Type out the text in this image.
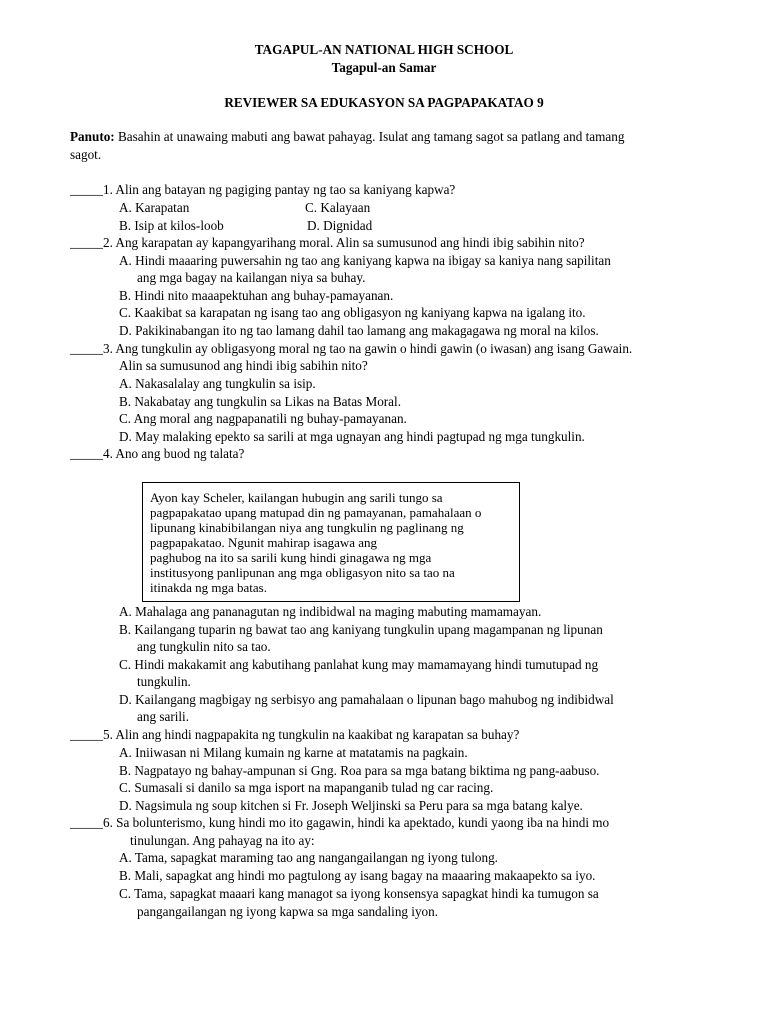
TAGAPUL-AN NATIONAL HIGH SCHOOL
Tagapul-an Samar
REVIEWER SA EDUKASYON SA PAGPAPAKATAO 9
Panuto: Basahin at unawaing mabuti ang bawat pahayag. Isulat ang tamang sagot sa patlang and tamang
sagot.
_____1. Alin ang batayan ng pagiging pantay ng tao sa kaniyang kapwa?
A. Karapatan	C. Kalayaan
B. Isip at kilos-loob	D. Dignidad
_____2. Ang karapatan ay kapangyarihang moral. Alin sa sumusunod ang hindi ibig sabihin nito?
A. Hindi maaaring puwersahin ng tao ang kaniyang kapwa na ibigay sa kaniya nang sapilitan
ang mga bagay na kailangan niya sa buhay.
B. Hindi nito maaapektuhan ang buhay-pamayanan.
C. Kaakibat sa karapatan ng isang tao ang obligasyon ng kaniyang kapwa na igalang ito.
D. Pakikinabangan ito ng tao lamang dahil tao lamang ang makagagawa ng moral na kilos.
_____3. Ang tungkulin ay obligasyong moral ng tao na gawin o hindi gawin (o iwasan) ang isang Gawain.
Alin sa sumusunod ang hindi ibig sabihin nito?
A. Nakasalalay ang tungkulin sa isip.
B. Nakabatay ang tungkulin sa Likas na Batas Moral.
C. Ang moral ang nagpapanatili ng buhay-pamayanan.
D. May malaking epekto sa sarili at mga ugnayan ang hindi pagtupad ng mga tungkulin.
_____4. Ano ang buod ng talata?
Ayon kay Scheler, kailangan hubugin ang sarili tungo sa
pagpapakatao upang matupad din ng pamayanan, pamahalaan o
lipunang kinabibilangan niya ang tungkulin ng paglinang ng
pagpapakatao. Ngunit mahirap isagawa ang
paghubog na ito sa sarili kung hindi ginagawa ng mga
institusyong panlipunan ang mga obligasyon nito sa tao na
itinakda ng mga batas.
A. Mahalaga ang pananagutan ng indibidwal na maging mabuting mamamayan.
B. Kailangang tuparin ng bawat tao ang kaniyang tungkulin upang magampanan ng lipunan
ang tungkulin nito sa tao.
C. Hindi makakamit ang kabutihang panlahat kung may mamamayang hindi tumutupad ng
tungkulin.
D. Kailangang magbigay ng serbisyo ang pamahalaan o lipunan bago mahubog ng indibidwal
ang sarili.
_____5. Alin ang hindi nagpapakita ng tungkulin na kaakibat ng karapatan sa buhay?
A. Iniiwasan ni Milang kumain ng karne at matatamis na pagkain.
B. Nagpatayo ng bahay-ampunan si Gng. Roa para sa mga batang biktima ng pang-aabuso.
C. Sumasali si danilo sa mga isport na mapanganib tulad ng car racing.
D. Nagsimula ng soup kitchen si Fr. Joseph Weljinski sa Peru para sa mga batang kalye.
_____6. Sa bolunterismo, kung hindi mo ito gagawin, hindi ka apektado, kundi yaong iba na hindi mo
tinulungan. Ang pahayag na ito ay:
A. Tama, sapagkat maraming tao ang nangangailangan ng iyong tulong.
B. Mali, sapagkat ang hindi mo pagtulong ay isang bagay na maaaring makaapekto sa iyo.
C. Tama, sapagkat maaari kang managot sa iyong konsensya sapagkat hindi ka tumugon sa
pangangailangan ng iyong kapwa sa mga sandaling iyon.
